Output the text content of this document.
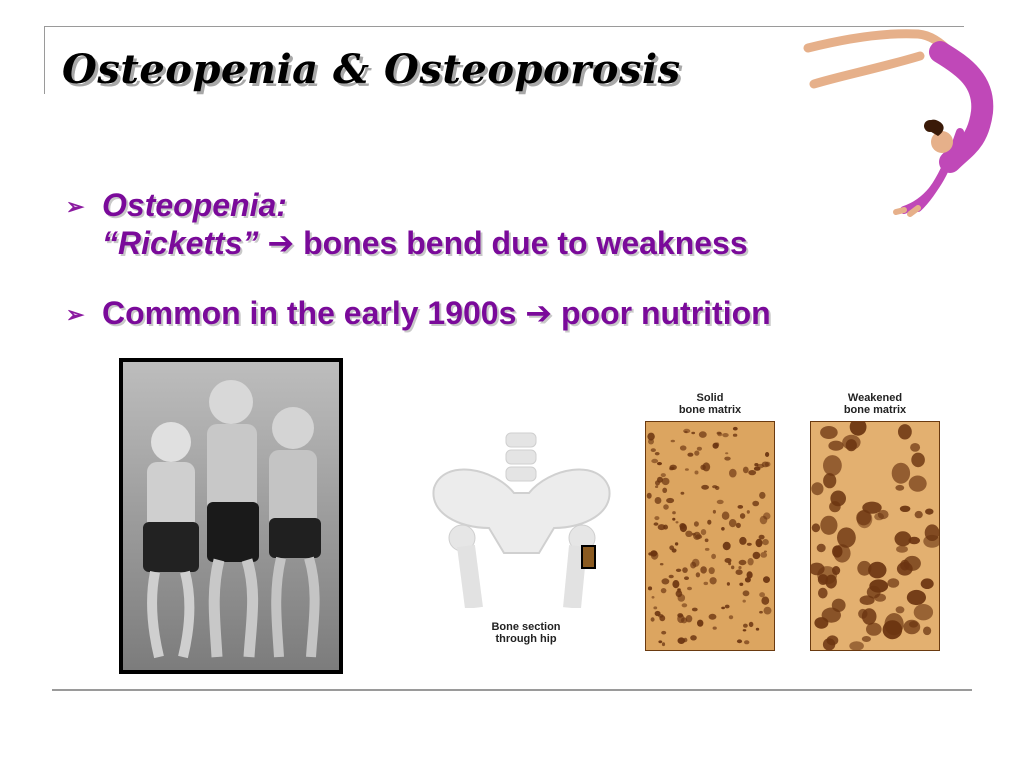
Osteopenia & Osteoporosis
➢ Osteopenia:
“Ricketts” ➔ bones bend due to weakness
➢ Common in the early 1900s ➔ poor nutrition
Bone section
through hip
Solid
bone matrix
Weakened
bone matrix
